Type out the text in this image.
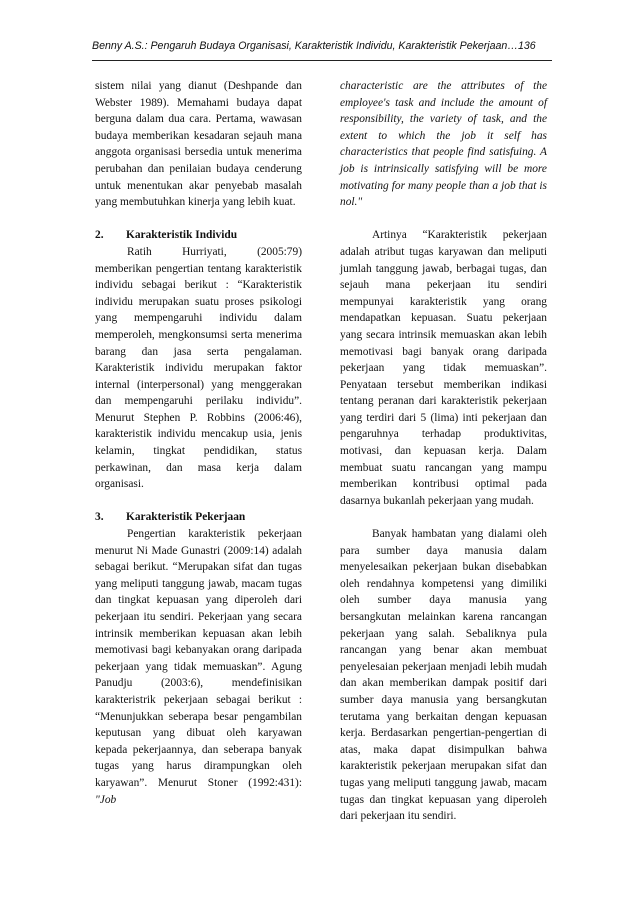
Benny A.S.: Pengaruh Budaya Organisasi, Karakteristik Individu, Karakteristik Pekerjaan…136

sistem nilai yang dianut (Deshpande dan Webster 1989). Memahami budaya dapat berguna dalam dua cara. Pertama, wawasan budaya memberikan kesadaran sejauh mana anggota organisasi bersedia untuk menerima perubahan dan penilaian budaya cenderung untuk menentukan akar penyebab masalah yang membutuhkan kinerja yang lebih kuat.

2. Karakteristik Individu

Ratih Hurriyati, (2005:79) memberikan pengertian tentang karakteristik individu sebagai berikut : “Karakteristik individu merupakan suatu proses psikologi yang mempengaruhi individu dalam memperoleh, mengkonsumsi serta menerima barang dan jasa serta pengalaman. Karakteristik individu merupakan faktor internal (interpersonal) yang menggerakan dan mempengaruhi perilaku individu”. Menurut Stephen P. Robbins (2006:46), karakteristik individu mencakup usia, jenis kelamin, tingkat pendidikan, status perkawinan, dan masa kerja dalam organisasi.

3. Karakteristik Pekerjaan

Pengertian karakteristik pekerjaan menurut Ni Made Gunastri (2009:14) adalah sebagai berikut. “Merupakan sifat dan tugas yang meliputi tanggung jawab, macam tugas dan tingkat kepuasan yang diperoleh dari pekerjaan itu sendiri. Pekerjaan yang secara intrinsik memberikan kepuasan akan lebih memotivasi bagi kebanyakan orang daripada pekerjaan yang tidak memuaskan”. Agung Panudju (2003:6), mendefinisikan karakteristrik pekerjaan sebagai berikut : “Menunjukkan seberapa besar pengambilan keputusan yang dibuat oleh karyawan kepada pekerjaannya, dan seberapa banyak tugas yang harus dirampungkan oleh karyawan”. Menurut Stoner (1992:431): "Job

characteristic are the attributes of the employee's task and include the amount of responsibility, the variety of task, and the extent to which the job it self has characteristics that people find satisfuing. A job is intrinsically satisfying will be more motivating for many people than a job that is nol."

Artinya “Karakteristik pekerjaan adalah atribut tugas karyawan dan meliputi jumlah tanggung jawab, berbagai tugas, dan sejauh mana pekerjaan itu sendiri mempunyai karakteristik yang orang mendapatkan kepuasan. Suatu pekerjaan yang secara intrinsik memuaskan akan lebih memotivasi bagi banyak orang daripada pekerjaan yang tidak memuaskan”. Penyataan tersebut memberikan indikasi tentang peranan dari karakteristik pekerjaan yang terdiri dari 5 (lima) inti pekerjaan dan pengaruhnya terhadap produktivitas, motivasi, dan kepuasan kerja. Dalam membuat suatu rancangan yang mampu memberikan kontribusi optimal pada dasarnya bukanlah pekerjaan yang mudah.

Banyak hambatan yang dialami oleh para sumber daya manusia dalam menyelesaikan pekerjaan bukan disebabkan oleh rendahnya kompetensi yang dimiliki oleh sumber daya manusia yang bersangkutan melainkan karena rancangan pekerjaan yang salah. Sebaliknya pula rancangan yang benar akan membuat penyelesaian pekerjaan menjadi lebih mudah dan akan memberikan dampak positif dari sumber daya manusia yang bersangkutan terutama yang berkaitan dengan kepuasan kerja. Berdasarkan pengertian-pengertian di atas, maka dapat disimpulkan bahwa karakteristik pekerjaan merupakan sifat dan tugas yang meliputi tanggung jawab, macam tugas dan tingkat kepuasan yang diperoleh dari pekerjaan itu sendiri.
